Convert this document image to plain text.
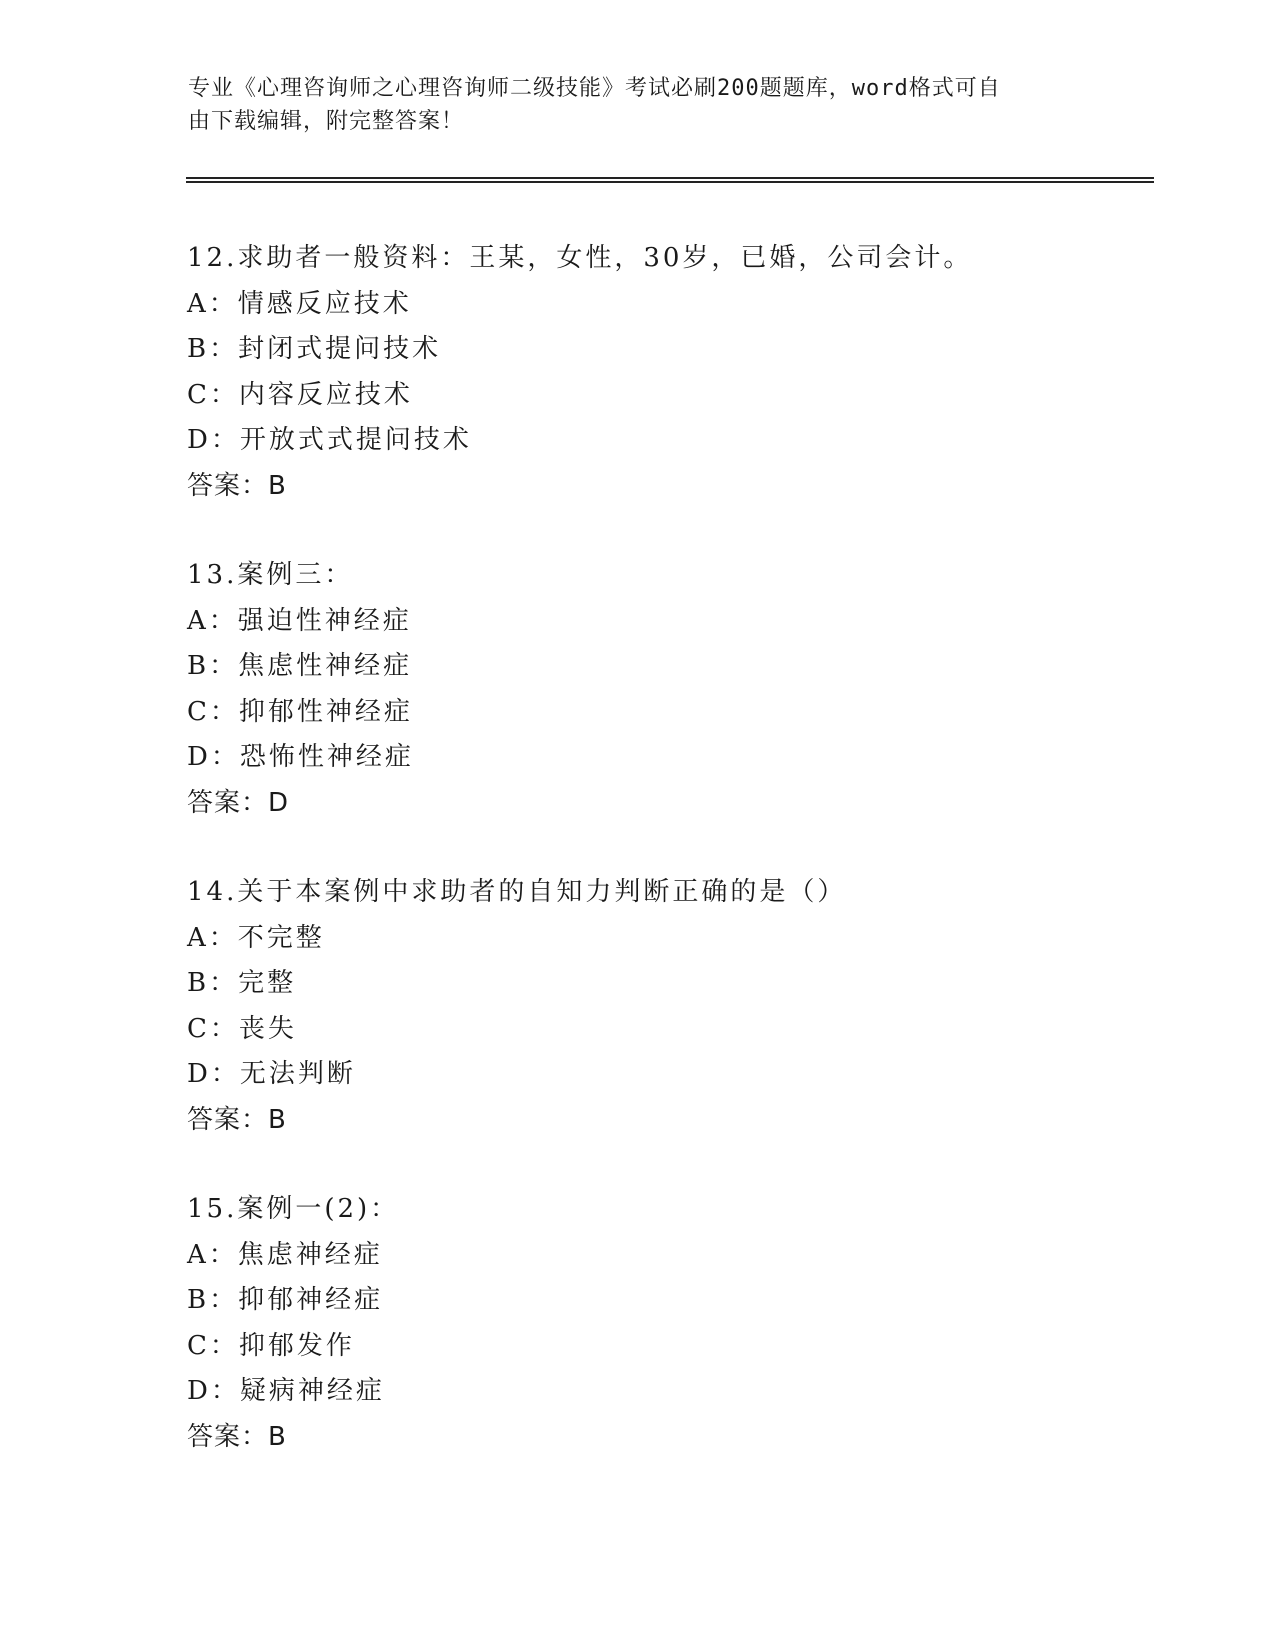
专业《心理咨询师之心理咨询师二级技能》考试必刷200题题库，word格式可自
由下载编辑，附完整答案！
12.求助者一般资料：王某，女性，30岁，已婚，公司会计。
A：情感反应技术
B：封闭式提问技术
C：内容反应技术
D：开放式式提问技术
答案：B
13.案例三：
A：强迫性神经症
B：焦虑性神经症
C：抑郁性神经症
D：恐怖性神经症
答案：D
14.关于本案例中求助者的自知力判断正确的是（）
A：不完整
B：完整
C：丧失
D：无法判断
答案：B
15.案例一(2)：
A：焦虑神经症
B：抑郁神经症
C：抑郁发作
D：疑病神经症
答案：B
